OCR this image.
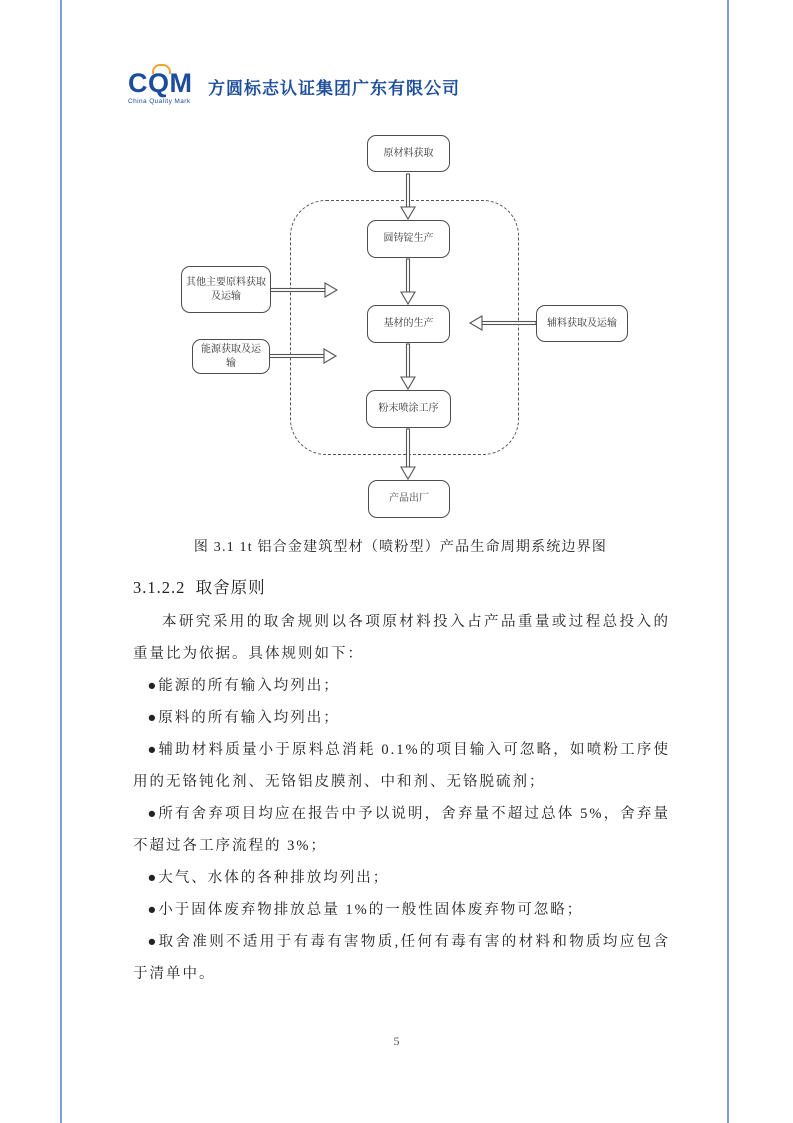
CQM
China Quality Mark
方圆标志认证集团广东有限公司
原材料获取
圆铸锭生产
基材的生产
粉末喷涂工序
产品出厂
其他主要原料获取及运输
能源获取及运输
辅料获取及运输

图 3.1 1t 铝合金建筑型材（喷粉型）产品生命周期系统边界图

3.1.2.2  取舍原则

本研究采用的取舍规则以各项原材料投入占产品重量或过程总投入的重量比为依据。具体规则如下：

●能源的所有输入均列出；

●原料的所有输入均列出；

●辅助材料质量小于原料总消耗 0.1%的项目输入可忽略，如喷粉工序使用的无铬钝化剂、无铬铝皮膜剂、中和剂、无铬脱硫剂；

●所有舍弃项目均应在报告中予以说明，舍弃量不超过总体 5%，舍弃量不超过各工序流程的 3%；

●大气、水体的各种排放均列出；

●小于固体废弃物排放总量 1%的一般性固体废弃物可忽略；

●取舍准则不适用于有毒有害物质,任何有毒有害的材料和物质均应包含于清单中。

5
